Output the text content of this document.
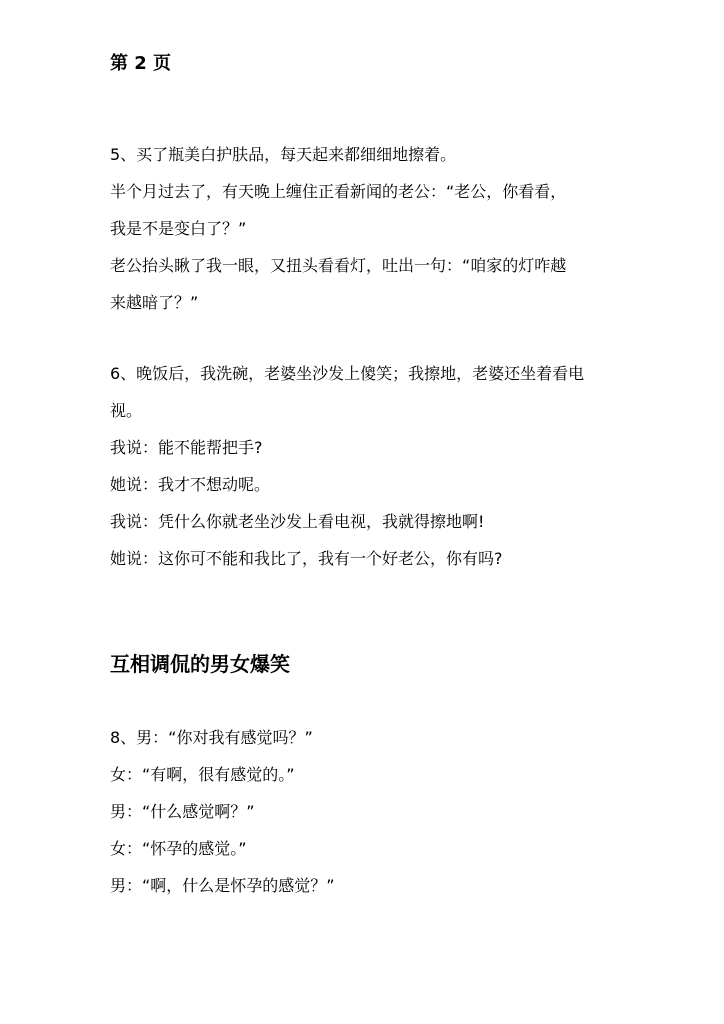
第 2 页
5、买了瓶美白护肤品，每天起来都细细地擦着。
半个月过去了，有天晚上缠住正看新闻的老公：“老公，你看看，
我是不是变白了？”
老公抬头瞅了我一眼，又扭头看看灯，吐出一句：“咱家的灯咋越
来越暗了？”
6、晚饭后，我洗碗，老婆坐沙发上傻笑；我擦地，老婆还坐着看电
视。
我说：能不能帮把手?
她说：我才不想动呢。
我说：凭什么你就老坐沙发上看电视，我就得擦地啊!
她说：这你可不能和我比了，我有一个好老公，你有吗?
互相调侃的男女爆笑
8、男：“你对我有感觉吗？”
女：“有啊，很有感觉的。”
男：“什么感觉啊？”
女：“怀孕的感觉。”
男：“啊，什么是怀孕的感觉？”
